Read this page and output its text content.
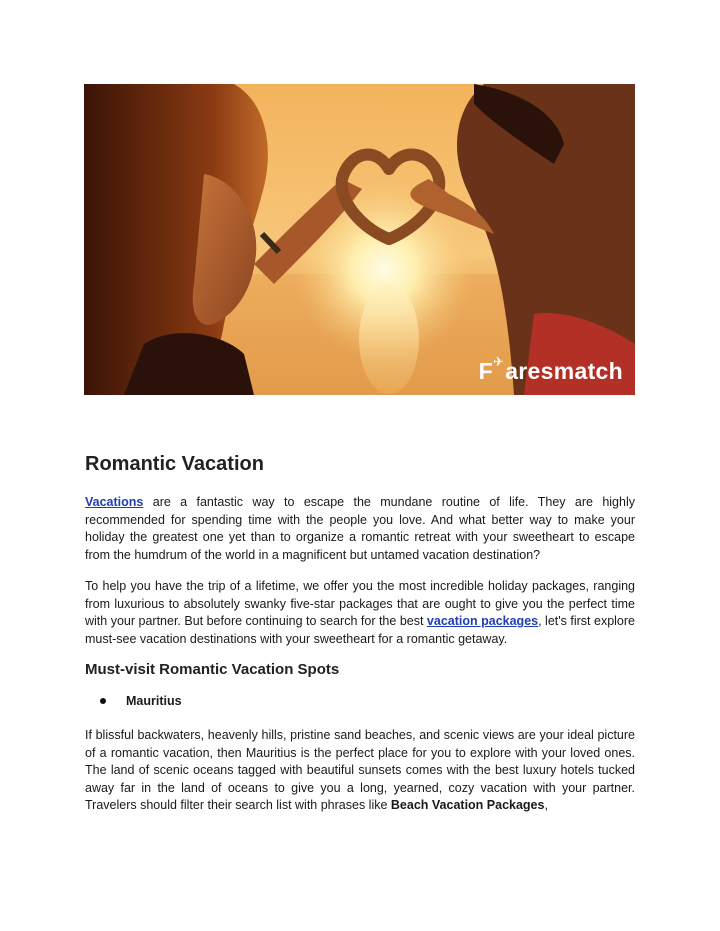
F ✈ aresmatch
Romantic Vacation

Vacations are a fantastic way to escape the mundane routine of life. They are highly recommended for spending time with the people you love. And what better way to make your holiday the greatest one yet than to organize a romantic retreat with your sweetheart to escape from the humdrum of the world in a magnificent but untamed vacation destination?

To help you have the trip of a lifetime, we offer you the most incredible holiday packages, ranging from luxurious to absolutely swanky five-star packages that are ought to give you the perfect time with your partner. But before continuing to search for the best vacation packages, let's first explore must-see vacation destinations with your sweetheart for a romantic getaway.

Must-visit Romantic Vacation Spots
Mauritius

If blissful backwaters, heavenly hills, pristine sand beaches, and scenic views are your ideal picture of a romantic vacation, then Mauritius is the perfect place for you to explore with your loved ones. The land of scenic oceans tagged with beautiful sunsets comes with the best luxury hotels tucked away far in the land of oceans to give you a long, yearned, cozy vacation with your partner. Travelers should filter their search list with phrases like Beach Vacation Packages,
